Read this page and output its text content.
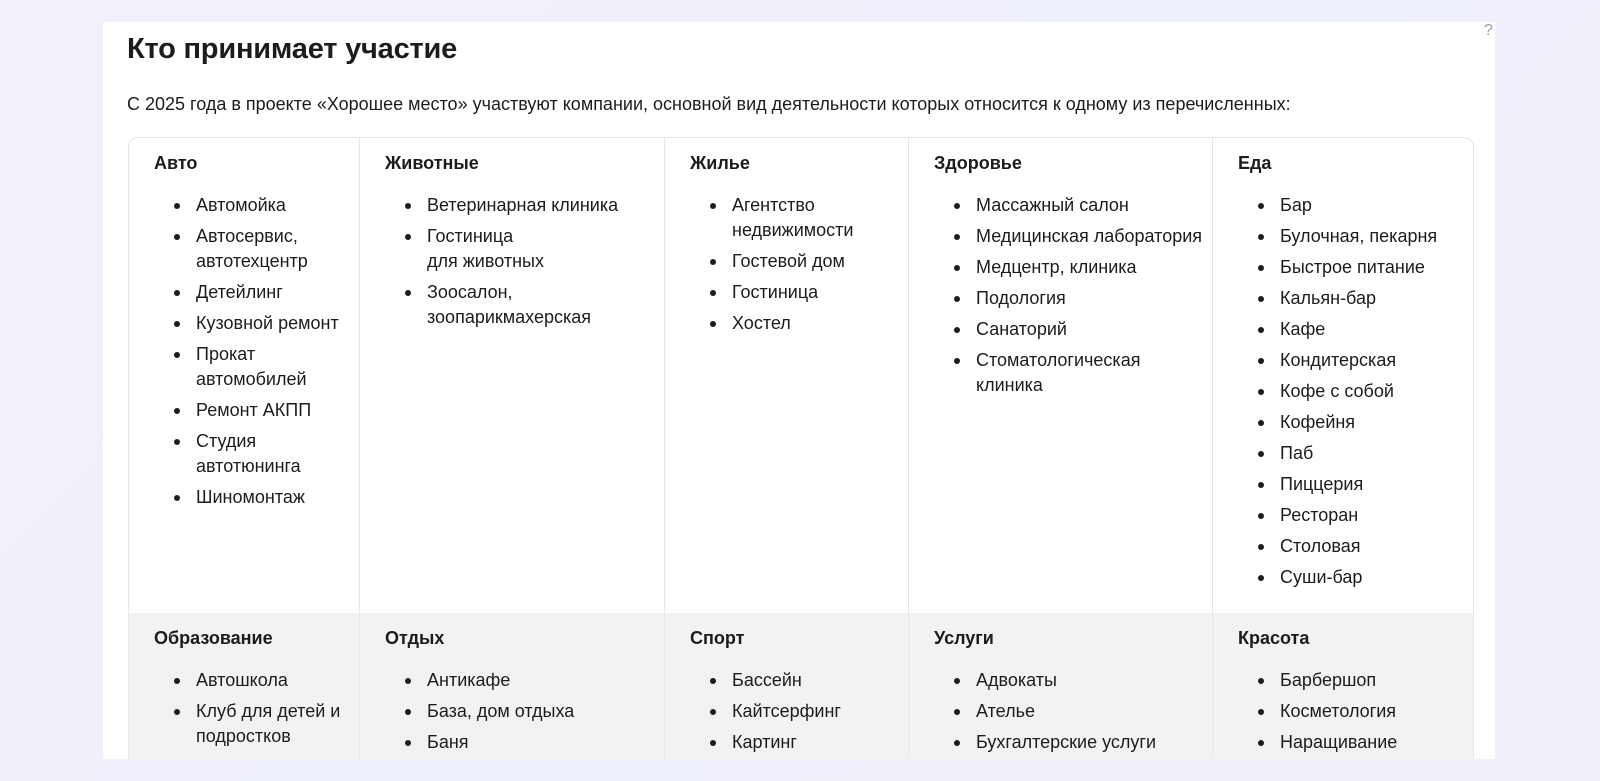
Кто принимает участие

С 2025 года в проекте «Хорошее место» участвуют компании, основной вид деятельности которых относится к одному из перечисленных:

Авто
Автомойка
Автосервис, автотехцентр
Детейлинг
Кузовной ремонт
Прокат автомобилей
Ремонт АКПП
Студия автотюнинга
Шиномонтаж
Животные
Ветеринарная клиника
Гостиница
для животных
Зоосалон, зоопарикмахерская
Жилье
Агентство недвижимости
Гостевой дом
Гостиница
Хостел
Здоровье
Массажный салон
Медицинская лаборатория
Медцентр, клиника
Подология
Санаторий
Стоматологическая клиника
Еда
Бар
Булочная, пекарня
Быстрое питание
Кальян-бар
Кафе
Кондитерская
Кофе с собой
Кофейня
Паб
Пиццерия
Ресторан
Столовая
Суши-бар
Образование
Автошкола
Клуб для детей и подростков
Отдых
Антикафе
База, дом отдыха
Баня
Спорт
Бассейн
Кайтсерфинг
Картинг
Услуги
Адвокаты
Ателье
Бухгалтерские услуги
Красота
Барбершоп
Косметология
Наращивание
?
